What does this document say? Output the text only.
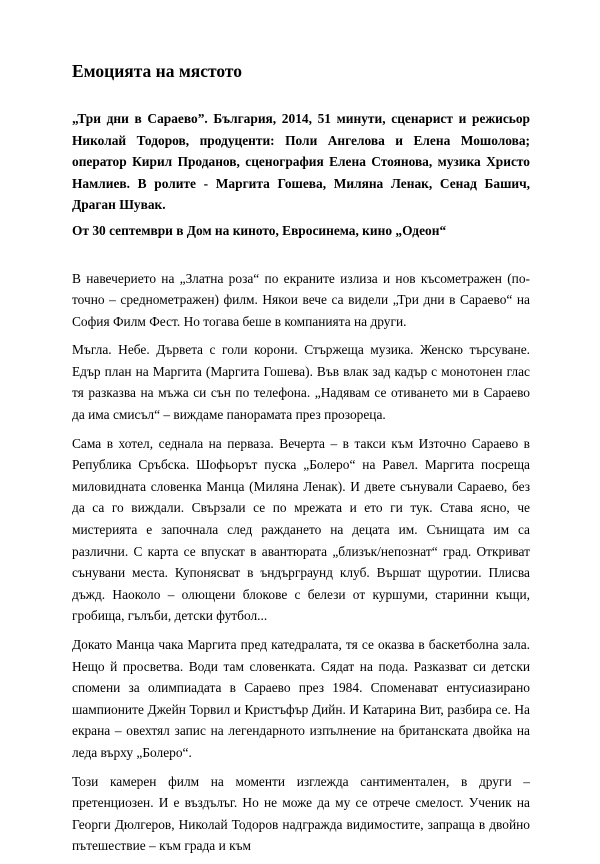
Емоцията на мястото

„Три дни в Сараево”. България, 2014, 51 минути, сценарист и режисьор Николай Тодоров, продуценти: Поли Ангелова и Елена Мошолова; оператор Кирил Проданов, сценография Елена Стоянова, музика Христо Намлиев. В ролите - Маргита Гошева, Миляна Ленак, Сенад Башич, Драган Шувак.

От 30 септември в Дом на киното, Евросинема, кино „Одеон“

В навечерието на „Златна роза“ по екраните излиза и нов късометражен (по-точно – среднометражен) филм. Някои вече са видели „Три дни в Сараево“ на София Филм Фест. Но тогава беше в компанията на други.

Мъгла. Небе. Дърветa с голи корони. Стържеща музика. Женско търсуване. Едър план на Маргита (Маргита Гошева). Във влак зад кадър с монотонен глас тя разказва на мъжа си сън по телефона. „Надявам се отиването ми в Сараево да има смисъл“ – виждаме панорамата през прозореца.

Сама в хотел, седнала на перваза. Вечерта – в такси към Източно Сараево в Република Сръбска. Шофьорът пуска „Болеро“ на Равел. Маргита посреща миловидната словенка Манца (Миляна Ленак). И двете сънували Сараево, без да са го виждали. Свързали се по мрежата и ето ги тук. Става ясно, че мистерията е започнала след раждането на децата им. Сънищата им са различни. С карта се впускат в авантюрата „близък/непознат“ град. Откриват сънувани места. Купонясват в ъндърграунд клуб. Вършат щуротии. Плисва дъжд. Наоколо – олющени блокове с белези от куршуми, старинни къщи, гробища, гълъби, детски футбол...

Докато Манца чака Маргита пред катедралата, тя се оказва в баскетболна зала. Нещо й просветва. Води там словенката. Сядат на пода. Разказват си детски спомени за олимпиадата в Сараево през 1984. Споменават ентусиазирано шампионите Джейн Торвил и Кристъфър Дийн. И Катарина Вит, разбира се. На екрана – овехтял запис на легендарното изпълнение на британската двойка на леда върху „Болеро“.

Този камерен филм на моменти изглежда сантиментален, в други – претенциозен. И е въздълъг. Но не може да му се отрече смелост. Ученик на Георги Дюлгеров, Николай Тодоров надгражда видимостите, запраща в двойно пътешествие – към града и към
